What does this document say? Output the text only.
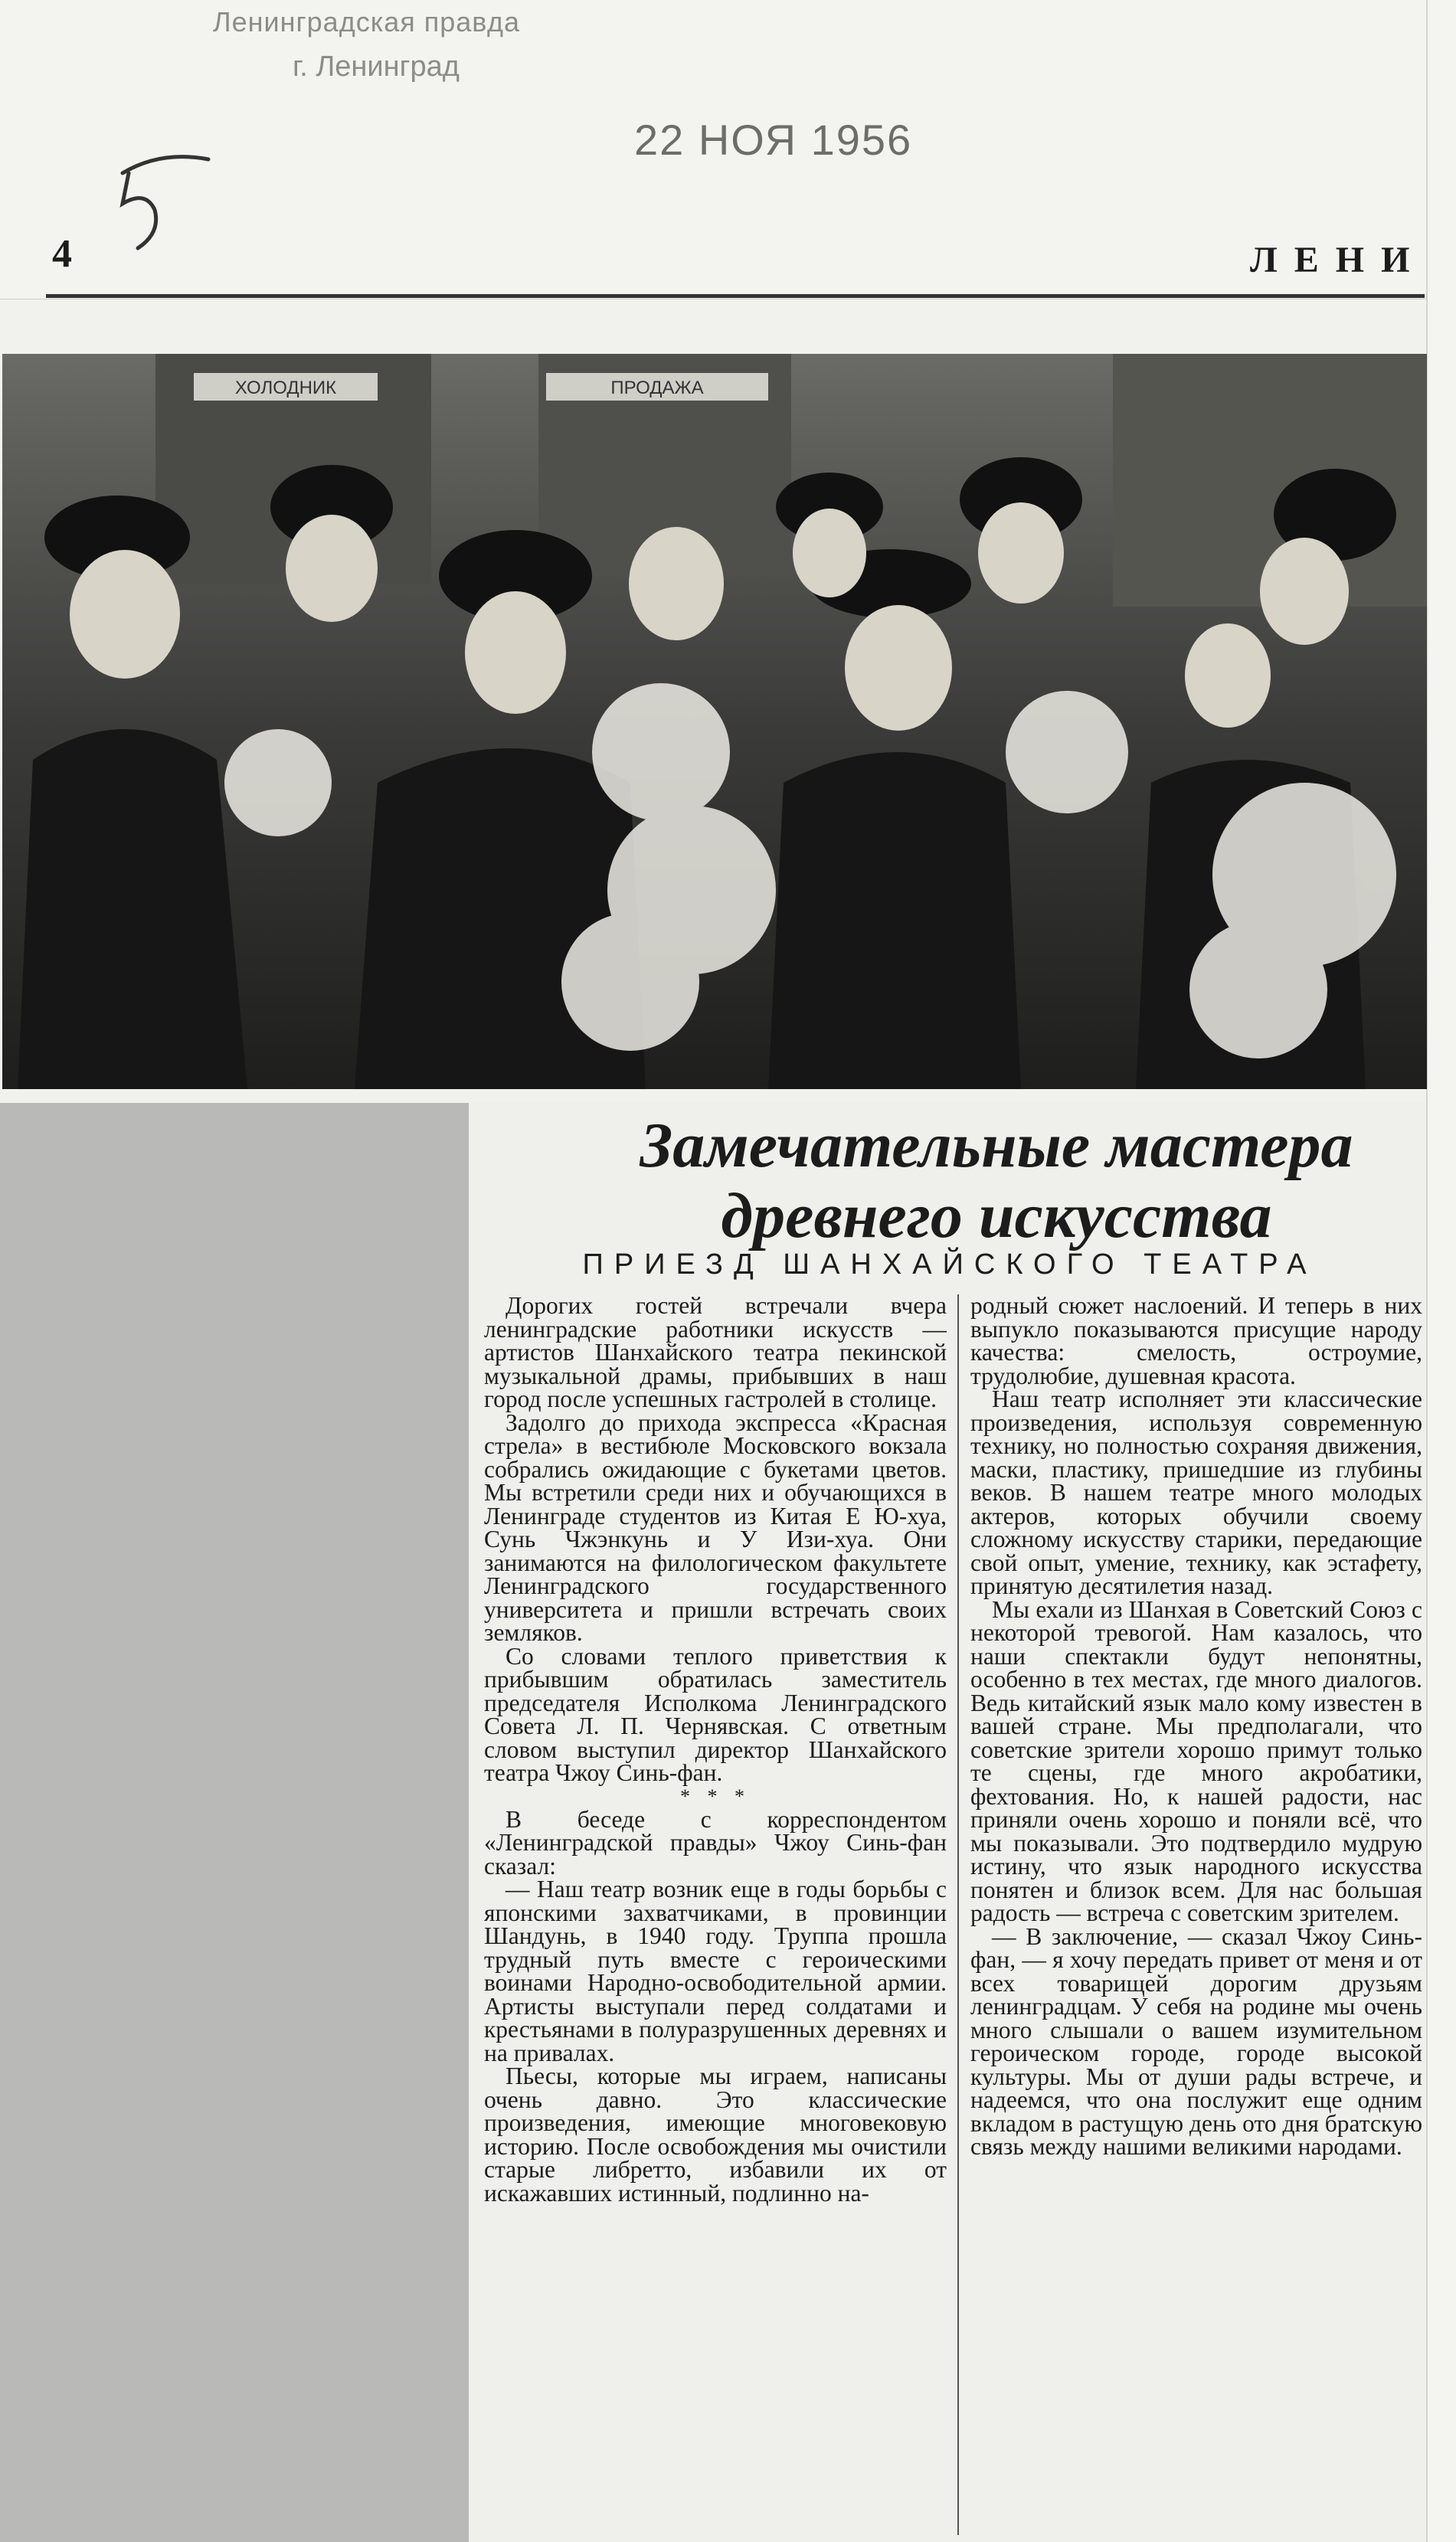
Ленинградская правда
г. Ленинград
22 НОЯ 1956
4	ЛЕНИ
ХОЛОДНИК	ПРОДАЖА
Замечательные мастера
древнего искусства
ПРИЕЗД ШАНХАЙСКОГО ТЕАТРА

Дорогих гостей встречали вчера ленинградские работники искусств — артистов Шанхайского театра пекинской музыкальной драмы, прибывших в наш город после успешных гастролей в столице.

Задолго до прихода экспресса «Красная стрела» в вестибюле Московского вокзала собрались ожидающие с букетами цветов. Мы встретили среди них и обучающихся в Ленинграде студентов из Китая Е Ю-хуа, Сунь Чжэнкунь и У Изи-хуа. Они занимаются на филологическом факультете Ленинградского государственного университета и пришли встречать своих земляков.

Со словами теплого приветствия к прибывшим обратилась заместитель председателя Исполкома Ленинградского Совета Л. П. Чернявская. С ответным словом выступил директор Шанхайского театра Чжоу Синь-фан.

* * *

В беседе с корреспондентом «Ленинградской правды» Чжоу Синь-фан сказал:

— Наш театр возник еще в годы борьбы с японскими захватчиками, в провинции Шандунь, в 1940 году. Труппа прошла трудный путь вместе с героическими воинами Народно-освободительной армии. Артисты выступали перед солдатами и крестьянами в полуразрушенных деревнях и на привалах.

Пьесы, которые мы играем, написаны очень давно. Это классические произведения, имеющие многовековую историю. После освобождения мы очистили старые либретто, избавили их от искажавших истинный, подлинно на-

родный сюжет наслоений. И теперь в них выпукло показываются присущие народу качества: смелость, остроумие, трудолюбие, душевная красота.

Наш театр исполняет эти классические произведения, используя современную технику, но полностью сохраняя движения, маски, пластику, пришедшие из глубины веков. В нашем театре много молодых актеров, которых обучили своему сложному искусству старики, передающие свой опыт, умение, технику, как эстафету, принятую десятилетия назад.

Мы ехали из Шанхая в Советский Союз с некоторой тревогой. Нам казалось, что наши спектакли будут непонятны, особенно в тех местах, где много диалогов. Ведь китайский язык мало кому известен в вашей стране. Мы предполагали, что советские зрители хорошо примут только те сцены, где много акробатики, фехтования. Но, к нашей радости, нас приняли очень хорошо и поняли всё, что мы показывали. Это подтвердило мудрую истину, что язык народного искусства понятен и близок всем. Для нас большая радость — встреча с советским зрителем.

— В заключение, — сказал Чжоу Синь-фан, — я хочу передать привет от меня и от всех товарищей дорогим друзьям ленинградцам. У себя на родине мы очень много слышали о вашем изумительном героическом городе, городе высокой культуры. Мы от души рады встрече, и надеемся, что она послужит еще одним вкладом в растущую день ото дня братскую связь между нашими великими народами.
